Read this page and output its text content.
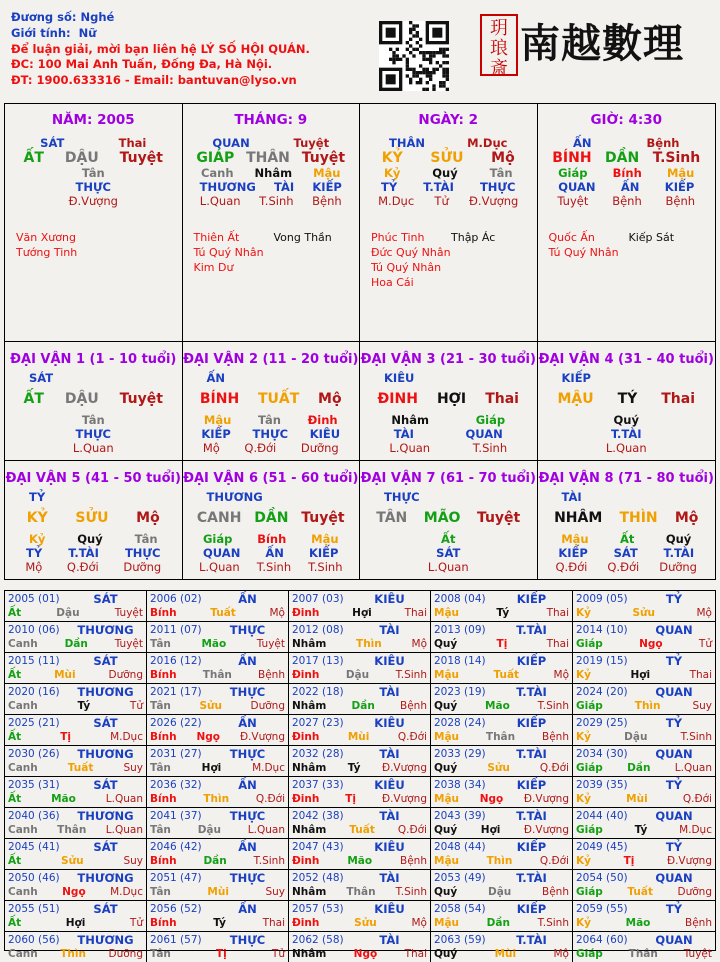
Đương số: Nghé
Giới tính: Nữ
Để luận giải, mời bạn liên hệ LÝ SỐ HỘI QUÁN.
ĐC: 100 Mai Anh Tuấn, Đống Đa, Hà Nội.
ĐT: 1900.633316 - Email: bantuvan@lyso.vn
玥琅斎
南越數理
NĂM: 2005
SÁT	Thai
ẤT DẬU Tuyệt
Tân
THỰC
Đ.Vượng
Văn Xương
Tướng Tinh
THÁNG: 9
QUAN	Tuyệt
GIÁP THÂN Tuyệt
Canh Nhâm Mậu
THƯƠNG TÀI KIẾP
L.Quan T.Sinh Bệnh
Thiên Ất	Vong Thần
Tú Quý Nhân
Kim Dư
NGÀY: 2
THÂN	M.Dục
KỶ SỬU Mộ
Kỷ	Quý	Tân
TỶ T.TÀI THỰC
M.Dục Tử Đ.Vượng
Phúc Tinh	Thập Ác
Đức Quý Nhân
Tú Quý Nhân
Hoa Cái
GIỜ: 4:30
ẤN	Bệnh
BÍNH DẦN T.Sinh
Giáp Bính Mậu
QUAN ẤN KIẾP
Tuyệt Bệnh Bệnh
Quốc Ấn	Kiếp Sát
Tú Quý Nhân
ĐẠI VẬN 1 (1 - 10 tuổi)
SÁT
ẤT DẬU Tuyệt
Tân
THỰC
L.Quan
ĐẠI VẬN 2 (11 - 20 tuổi)
ẤN
BÍNH TUẤT Mộ
Mậu Tân Đinh
KIẾP THỰC KIÊU
Mộ Q.Đới Dưỡng
ĐẠI VẬN 3 (21 - 30 tuổi)
KIÊU
ĐINH HỢI Thai
Nhâm	Giáp
TÀI	QUAN
L.Quan	T.Sinh
ĐẠI VẬN 4 (31 - 40 tuổi)
KIẾP
MẬU TÝ Thai
Quý
T.TÀI
L.Quan
ĐẠI VẬN 5 (41 - 50 tuổi)
TỶ
KỶ SỬU Mộ
Kỷ	Quý	Tân
TỶ T.TÀI THỰC
Mộ Q.Đới Dưỡng
ĐẠI VẬN 6 (51 - 60 tuổi)
THƯƠNG
CANH DẦN Tuyệt
Giáp Bính Mậu
QUAN ẤN KIẾP
L.Quan T.Sinh T.Sinh
ĐẠI VẬN 7 (61 - 70 tuổi)
THỰC
TÂN MÃO Tuyệt
Ất
SÁT
L.Quan
ĐẠI VẬN 8 (71 - 80 tuổi)
TÀI
NHÂM THÌN Mộ
Mậu	Ất	Quý
KIẾP SÁT T.TÀI
Q.Đới Q.Đới Dưỡng
2005 (01)	SÁT
Ất	Dậu	Tuyệt
2006 (02)	ẤN
Bính	Tuất	Mộ
2007 (03)	KIÊU
Đinh	Hợi	Thai
2008 (04)	KIẾP
Mậu	Tý	Thai
2009 (05)	TỶ
Kỷ	Sửu	Mộ
2010 (06)	THƯƠNG
Canh	Dần	Tuyệt
2011 (07)	THỰC
Tân	Mão	Tuyệt
2012 (08)	TÀI
Nhâm	Thìn	Mộ
2013 (09)	T.TÀI
Quý	Tị	Thai
2014 (10)	QUAN
Giáp	Ngọ	Tử
2015 (11)	SÁT
Ất	Mùi	Dưỡng
2016 (12)	ẤN
Bính Thân Bệnh
2017 (13)	KIÊU
Đinh	Dậu	T.Sinh
2018 (14)	KIẾP
Mậu	Tuất	Mộ
2019 (15)	TỶ
Kỷ	Hợi	Thai
2020 (16)	THƯƠNG
Canh	Tý	Tử
2021 (17)	THỰC
Tân	Sửu	Dưỡng
2022 (18)	TÀI
Nhâm Dần Bệnh
2023 (19)	T.TÀI
Quý	Mão	T.Sinh
2024 (20)	QUAN
Giáp	Thìn	Suy
2025 (21)	SÁT
Ất	Tị	M.Dục
2026 (22)	ẤN
Bính Ngọ Đ.Vượng
2027 (23)	KIÊU
Đinh	Mùi	Q.Đới
2028 (24)	KIẾP
Mậu	Thân	Bệnh
2029 (25)	TỶ
Kỷ	Dậu	T.Sinh
2030 (26)	THƯƠNG
Canh	Tuất	Suy
2031 (27)	THỰC
Tân	Hợi	M.Dục
2032 (28)	TÀI
Nhâm Tý Đ.Vượng
2033 (29)	T.TÀI
Quý	Sửu	Q.Đới
2034 (30)	QUAN
Giáp Dần L.Quan
2035 (31)	SÁT
Ất	Mão	L.Quan
2036 (32)	ẤN
Bính	Thìn	Q.Đới
2037 (33)	KIÊU
Đinh Tị Đ.Vượng
2038 (34)	KIẾP
Mậu Ngọ Đ.Vượng
2039 (35)	TỶ
Kỷ	Mùi	Q.Đới
2040 (36)	THƯƠNG
Canh Thân L.Quan
2041 (37)	THỰC
Tân	Dậu	L.Quan
2042 (38)	TÀI
Nhâm Tuất Q.Đới
2043 (39)	T.TÀI
Quý Hợi Đ.Vượng
2044 (40)	QUAN
Giáp	Tý	M.Dục
2045 (41)	SÁT
Ất	Sửu	Suy
2046 (42)	ẤN
Bính	Dần	T.Sinh
2047 (43)	KIÊU
Đinh	Mão	Bệnh
2048 (44)	KIẾP
Mậu	Thìn	Q.Đới
2049 (45)	TỶ
Kỷ	Tị	Đ.Vượng
2050 (46)	THƯƠNG
Canh Ngọ M.Dục
2051 (47)	THỰC
Tân	Mùi	Suy
2052 (48)	TÀI
Nhâm Thân T.Sinh
2053 (49)	T.TÀI
Quý	Dậu	Bệnh
2054 (50)	QUAN
Giáp Tuất Dưỡng
2055 (51)	SÁT
Ất	Hợi	Tử
2056 (52)	ẤN
Bính	Tý	Thai
2057 (53)	KIÊU
Đinh	Sửu	Mộ
2058 (54)	KIẾP
Mậu	Dần	T.Sinh
2059 (55)	TỶ
Kỷ	Mão	Bệnh
2060 (56)	THƯƠNG
Canh Thìn Dưỡng
2061 (57)	THỰC
Tân	Tị	Tử
2062 (58)	TÀI
Nhâm	Ngọ	Thai
2063 (59)	T.TÀI
Quý	Mùi	Mộ
2064 (60)	QUAN
Giáp Thân Tuyệt
